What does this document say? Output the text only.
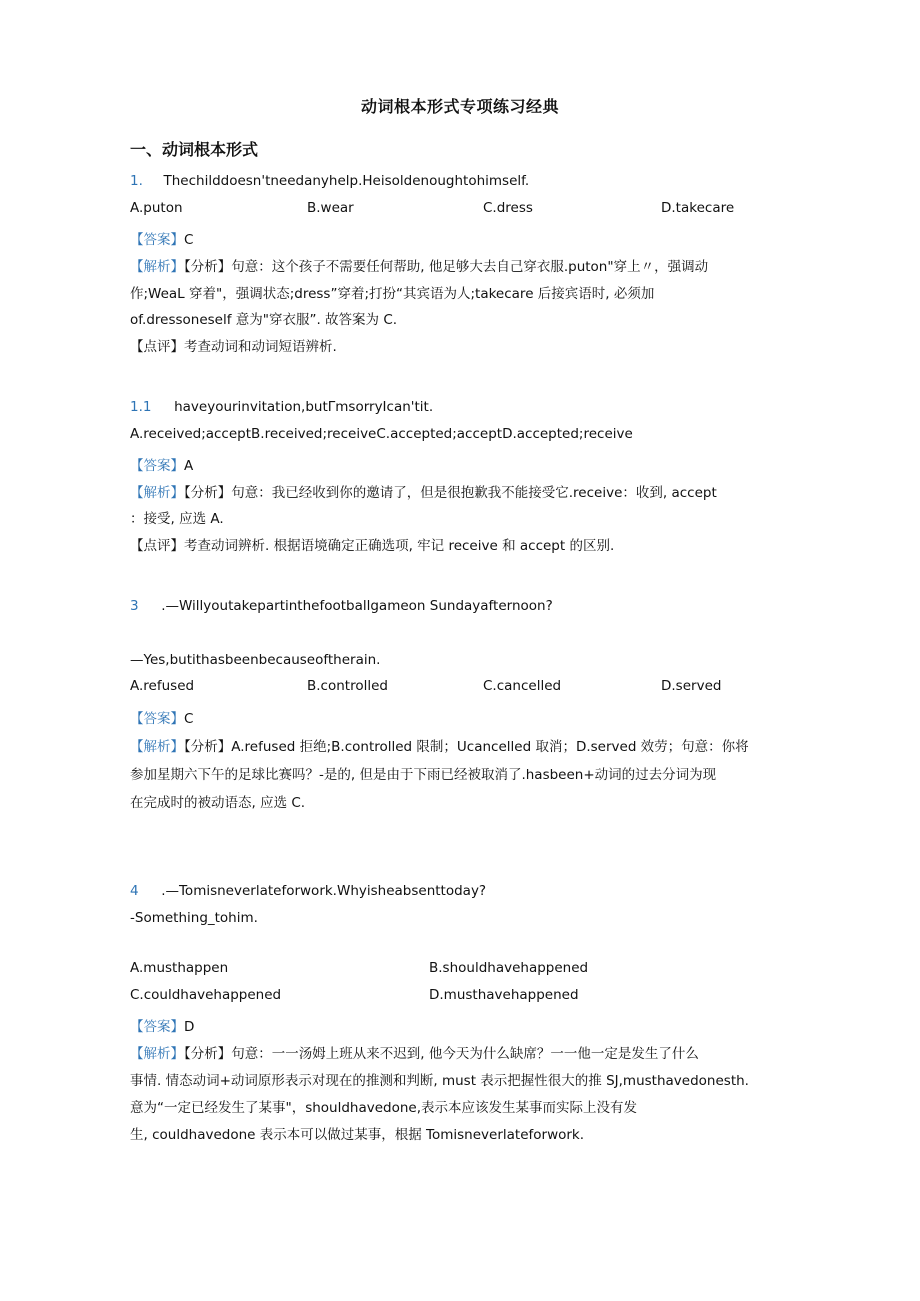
动词根本形式专项练习经典
一、动词根本形式
1. Thechilddoesn'tneedanyhelp.Heisoldenoughtohimself.
A.puton	B.wear	C.dress	D.takecare
【答案】C
【解析】【分析】句意：这个孩子不需要任何帮助, 他足够大去自己穿衣服.puton"穿上〃，强调动
作;WeaL 穿着"，强调状态;dress”穿着;打扮“其宾语为人;takecare 后接宾语时, 必须加
of.dressoneself 意为"穿衣服”. 故答案为 C.
【点评】考查动词和动词短语辨析.
1.1 haveyourinvitation,butΓmsorryIcan'tit.
A.received;acceptB.received;receiveC.accepted;acceptD.accepted;receive
【答案】A
【解析】【分析】句意：我已经收到你的邀请了，但是很抱歉我不能接受它.receive：收到, accept
：接受, 应选 A.
【点评】考查动词辨析. 根据语境确定正确选项, 牢记 receive 和 accept 的区别.
3 .—Willyoutakepartinthefootballgameon Sundayafternoon?
—Yes,butithasbeenbecauseoftherain.
A.refused	B.controlled	C.cancelled	D.served
【答案】C
【解析】【分析】A.refused 拒绝;B.controlled 限制；Ucancelled 取消；D.served 效劳；句意：你将
参加星期六下午的足球比赛吗？-是的, 但是由于下雨已经被取消了.hasbeen+动词的过去分词为现
在完成时的被动语态, 应选 C.
4 .—Tomisneverlateforwork.Whyisheabsenttoday?
-Something_tohim.
A.musthappen	B.shouldhavehappened
C.couldhavehappened	D.musthavehappened
【答案】D
【解析】【分析】句意：一一汤姆上班从来不迟到, 他今天为什么缺席？一一他一定是发生了什么
事情. 情态动词+动词原形表示对现在的推测和判断, must 表示把握性很大的推 SJ,musthavedonesth.
意为“一定已经发生了某事"，shouldhavedone,表示本应该发生某事而实际上没有发
生, couldhavedone 表示本可以做过某事，根据 Tomisneverlateforwork.
